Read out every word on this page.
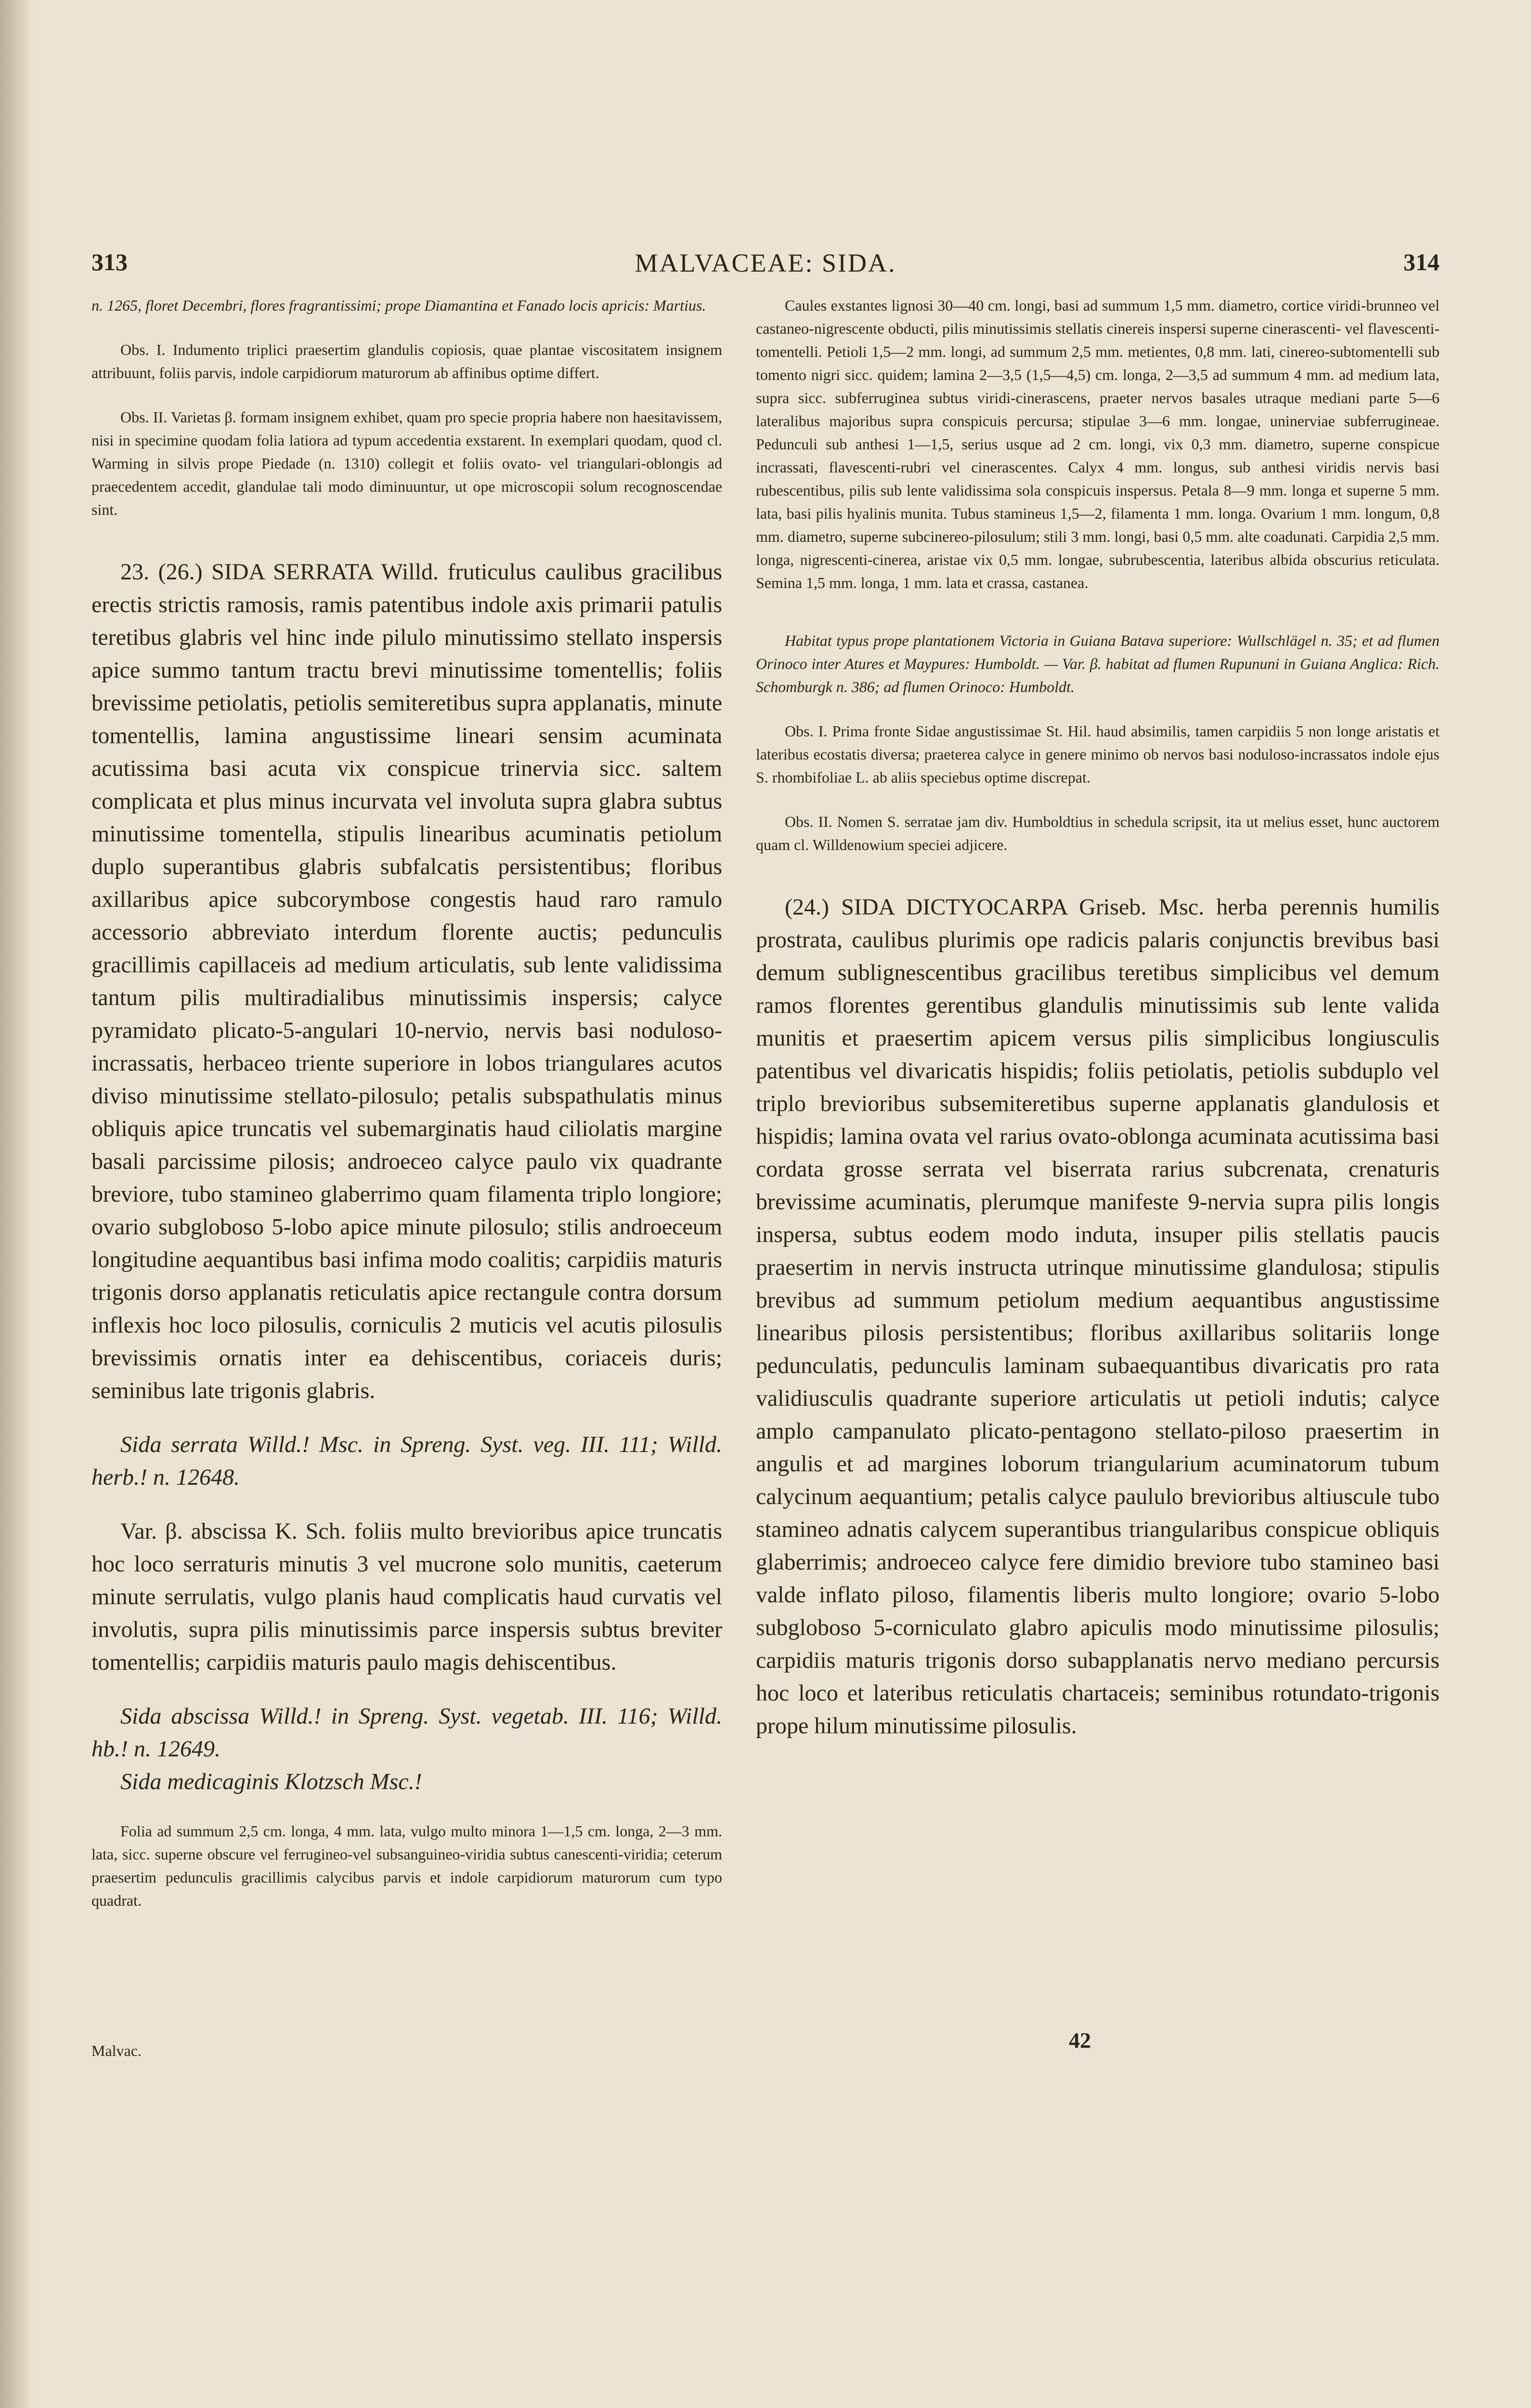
313	MALVACEAE: SIDA.	314

n. 1265, floret Decembri, flores fragrantissimi; prope Diamantina et Fanado locis apricis: Martius.

Obs. I. Indumento triplici praesertim glandulis copiosis, quae plantae viscositatem insignem attribuunt, foliis parvis, indole carpidiorum maturorum ab affinibus optime differt.

Obs. II. Varietas β. formam insignem exhibet, quam pro specie propria habere non haesitavissem, nisi in specimine quodam folia latiora ad typum accedentia exstarent. In exemplari quodam, quod cl. Warming in silvis prope Piedade (n. 1310) collegit et foliis ovato- vel triangulari-oblongis ad praecedentem accedit, glandulae tali modo diminuuntur, ut ope microscopii solum recognoscendae sint.

23. (26.) SIDA SERRATA Willd. fruticulus caulibus gracilibus erectis strictis ramosis, ramis patentibus indole axis primarii patulis teretibus glabris vel hinc inde pilulo minutissimo stellato inspersis apice summo tantum tractu brevi minutissime tomentellis; foliis brevissime petiolatis, petiolis semiteretibus supra applanatis, minute tomentellis, lamina angustissime lineari sensim acuminata acutissima basi acuta vix conspicue trinervia sicc. saltem complicata et plus minus incurvata vel involuta supra glabra subtus minutissime tomentella, stipulis linearibus acuminatis petiolum duplo superantibus glabris subfalcatis persistentibus; floribus axillaribus apice subcorymbose congestis haud raro ramulo accessorio abbreviato interdum florente auctis; pedunculis gracillimis capillaceis ad medium articulatis, sub lente validissima tantum pilis multiradialibus minutissimis inspersis; calyce pyramidato plicato-5-angulari 10-nervio, nervis basi noduloso-incrassatis, herbaceo triente superiore in lobos triangulares acutos diviso minutissime stellato-pilosulo; petalis subspathulatis minus obliquis apice truncatis vel subemarginatis haud ciliolatis margine basali parcissime pilosis; androeceo calyce paulo vix quadrante breviore, tubo stamineo glaberrimo quam filamenta triplo longiore; ovario subgloboso 5-lobo apice minute pilosulo; stilis androeceum longitudine aequantibus basi infima modo coalitis; carpidiis maturis trigonis dorso applanatis reticulatis apice rectangule contra dorsum inflexis hoc loco pilosulis, corniculis 2 muticis vel acutis pilosulis brevissimis ornatis inter ea dehiscentibus, coriaceis duris; seminibus late trigonis glabris.

Sida serrata Willd.! Msc. in Spreng. Syst. veg. III. 111; Willd. herb.! n. 12648.

Var. β. abscissa K. Sch. foliis multo brevioribus apice truncatis hoc loco serraturis minutis 3 vel mucrone solo munitis, caeterum minute serrulatis, vulgo planis haud complicatis haud curvatis vel involutis, supra pilis minutissimis parce inspersis subtus breviter tomentellis; carpidiis maturis paulo magis dehiscentibus.

Sida abscissa Willd.! in Spreng. Syst. vegetab. III. 116; Willd. hb.! n. 12649.

Sida medicaginis Klotzsch Msc.!

Folia ad summum 2,5 cm. longa, 4 mm. lata, vulgo multo minora 1—1,5 cm. longa, 2—3 mm. lata, sicc. superne obscure vel ferrugineo-vel subsanguineo-viridia subtus canescenti-viridia; ceterum praesertim pedunculis gracillimis calycibus parvis et indole carpidiorum maturorum cum typo quadrat.

Caules exstantes lignosi 30—40 cm. longi, basi ad summum 1,5 mm. diametro, cortice viridi-brunneo vel castaneo-nigrescente obducti, pilis minutissimis stellatis cinereis inspersi superne cinerascenti- vel flavescenti-tomentelli. Petioli 1,5—2 mm. longi, ad summum 2,5 mm. metientes, 0,8 mm. lati, cinereo-subtomentelli sub tomento nigri sicc. quidem; lamina 2—3,5 (1,5—4,5) cm. longa, 2—3,5 ad summum 4 mm. ad medium lata, supra sicc. subferruginea subtus viridi-cinerascens, praeter nervos basales utraque mediani parte 5—6 lateralibus majoribus supra conspicuis percursa; stipulae 3—6 mm. longae, uninerviae subferrugineae. Pedunculi sub anthesi 1—1,5, serius usque ad 2 cm. longi, vix 0,3 mm. diametro, superne conspicue incrassati, flavescenti-rubri vel cinerascentes. Calyx 4 mm. longus, sub anthesi viridis nervis basi rubescentibus, pilis sub lente validissima sola conspicuis inspersus. Petala 8—9 mm. longa et superne 5 mm. lata, basi pilis hyalinis munita. Tubus stamineus 1,5—2, filamenta 1 mm. longa. Ovarium 1 mm. longum, 0,8 mm. diametro, superne subcinereo-pilosulum; stili 3 mm. longi, basi 0,5 mm. alte coadunati. Carpidia 2,5 mm. longa, nigrescenti-cinerea, aristae vix 0,5 mm. longae, subrubescentia, lateribus albida obscurius reticulata. Semina 1,5 mm. longa, 1 mm. lata et crassa, castanea.

Habitat typus prope plantationem Victoria in Guiana Batava superiore: Wullschlägel n. 35; et ad flumen Orinoco inter Atures et Maypures: Humboldt. — Var. β. habitat ad flumen Rupununi in Guiana Anglica: Rich. Schomburgk n. 386; ad flumen Orinoco: Humboldt.

Obs. I. Prima fronte Sidae angustissimae St. Hil. haud absimilis, tamen carpidiis 5 non longe aristatis et lateribus ecostatis diversa; praeterea calyce in genere minimo ob nervos basi noduloso-incrassatos indole ejus S. rhombifoliae L. ab aliis speciebus optime discrepat.

Obs. II. Nomen S. serratae jam div. Humboldtius in schedula scripsit, ita ut melius esset, hunc auctorem quam cl. Willdenowium speciei adjicere.

(24.) SIDA DICTYOCARPA Griseb. Msc. herba perennis humilis prostrata, caulibus plurimis ope radicis palaris conjunctis brevibus basi demum sublignescentibus gracilibus teretibus simplicibus vel demum ramos florentes gerentibus glandulis minutissimis sub lente valida munitis et praesertim apicem versus pilis simplicibus longiusculis patentibus vel divaricatis hispidis; foliis petiolatis, petiolis subduplo vel triplo brevioribus subsemiteretibus superne applanatis glandulosis et hispidis; lamina ovata vel rarius ovato-oblonga acuminata acutissima basi cordata grosse serrata vel biserrata rarius subcrenata, crenaturis brevissime acuminatis, plerumque manifeste 9-nervia supra pilis longis inspersa, subtus eodem modo induta, insuper pilis stellatis paucis praesertim in nervis instructa utrinque minutissime glandulosa; stipulis brevibus ad summum petiolum medium aequantibus angustissime linearibus pilosis persistentibus; floribus axillaribus solitariis longe pedunculatis, pedunculis laminam subaequantibus divaricatis pro rata validiusculis quadrante superiore articulatis ut petioli indutis; calyce amplo campanulato plicato-pentagono stellato-piloso praesertim in angulis et ad margines loborum triangularium acuminatorum tubum calycinum aequantium; petalis calyce paululo brevioribus altiuscule tubo stamineo adnatis calycem superantibus triangularibus conspicue obliquis glaberrimis; androeceo calyce fere dimidio breviore tubo stamineo basi valde inflato piloso, filamentis liberis multo longiore; ovario 5-lobo subgloboso 5-corniculato glabro apiculis modo minutissime pilosulis; carpidiis maturis trigonis dorso subapplanatis nervo mediano percursis hoc loco et lateribus reticulatis chartaceis; seminibus rotundato-trigonis prope hilum minutissime pilosulis.

Malvac.	42
